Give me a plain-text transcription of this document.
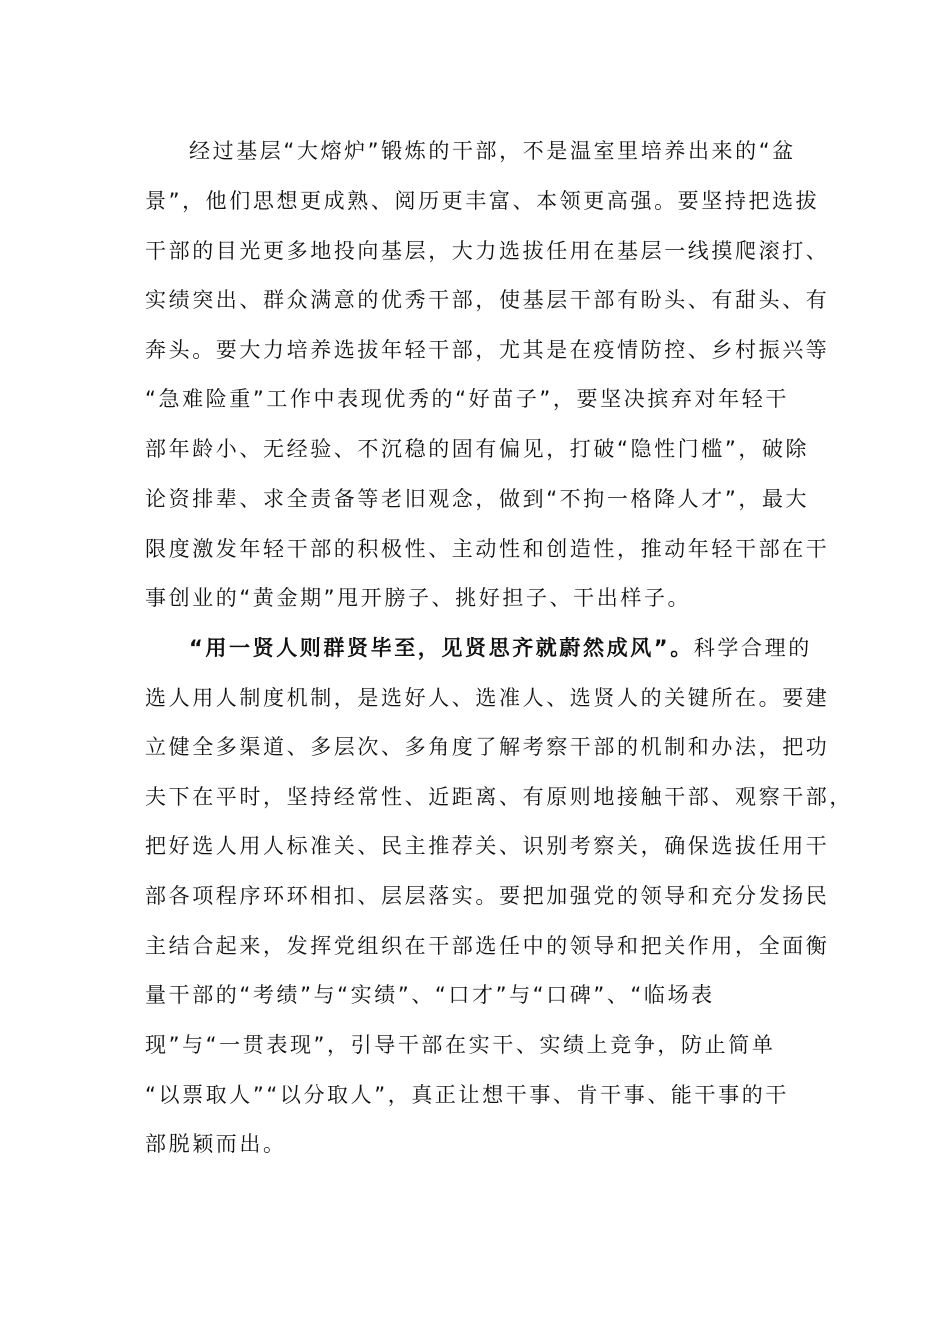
经过基层“大熔炉”锻炼的干部，不是温室里培养出来的“盆
景”，他们思想更成熟、阅历更丰富、本领更高强。要坚持把选拔
干部的目光更多地投向基层，大力选拔任用在基层一线摸爬滚打、
实绩突出、群众满意的优秀干部，使基层干部有盼头、有甜头、有
奔头。要大力培养选拔年轻干部，尤其是在疫情防控、乡村振兴等
“急难险重”工作中表现优秀的“好苗子”，要坚决摈弃对年轻干
部年龄小、无经验、不沉稳的固有偏见，打破“隐性门槛”，破除
论资排辈、求全责备等老旧观念，做到“不拘一格降人才”，最大
限度激发年轻干部的积极性、主动性和创造性，推动年轻干部在干
事创业的“黄金期”甩开膀子、挑好担子、干出样子。
“用一贤人则群贤毕至，见贤思齐就蔚然成风”。科学合理的
选人用人制度机制，是选好人、选准人、选贤人的关键所在。要建
立健全多渠道、多层次、多角度了解考察干部的机制和办法，把功
夫下在平时，坚持经常性、近距离、有原则地接触干部、观察干部，
把好选人用人标准关、民主推荐关、识别考察关，确保选拔任用干
部各项程序环环相扣、层层落实。要把加强党的领导和充分发扬民
主结合起来，发挥党组织在干部选任中的领导和把关作用，全面衡
量干部的“考绩”与“实绩”、“口才”与“口碑”、“临场表
现”与“一贯表现”，引导干部在实干、实绩上竞争，防止简单
“以票取人”“以分取人”，真正让想干事、肯干事、能干事的干
部脱颖而出。
